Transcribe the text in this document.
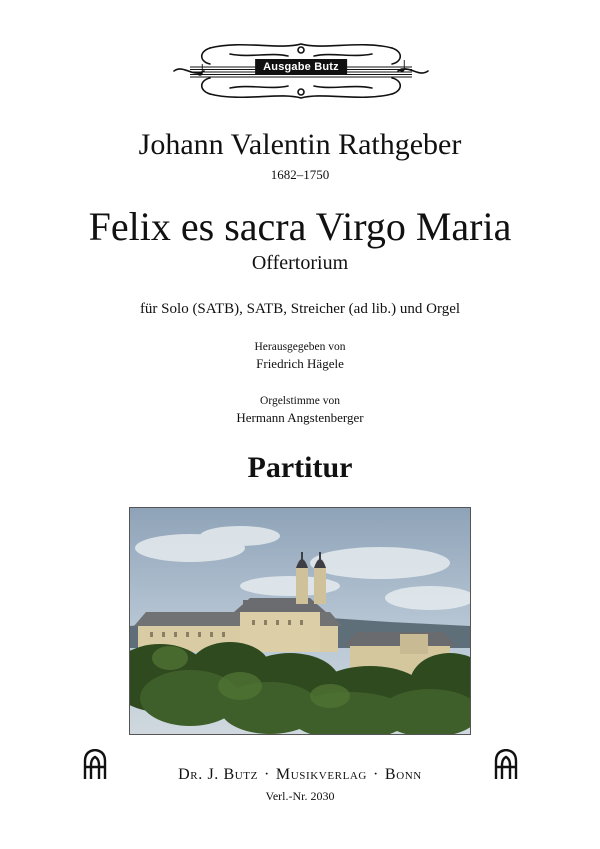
Ausgabe Butz
Johann Valentin Rathgeber
1682–1750
Felix es sacra Virgo Maria
Offertorium
für Solo (SATB), SATB, Streicher (ad lib.) und Orgel
Herausgegeben von
Friedrich Hägele
Orgelstimme von
Hermann Angstenberger
Partitur
Dr. J. Butz · Musikverlag · Bonn
Verl.-Nr. 2030
